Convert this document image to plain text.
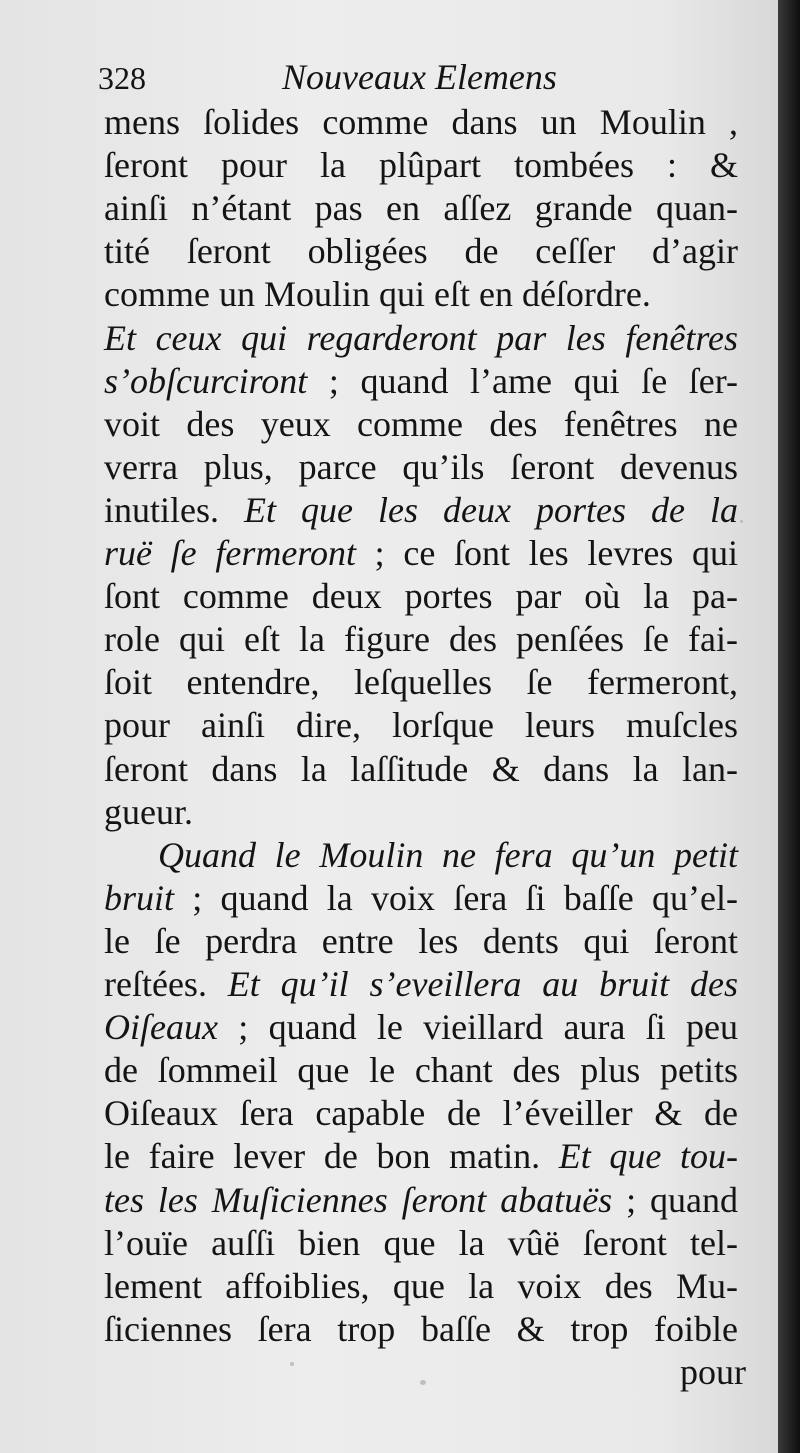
328	Nouveaux Elemens
mens ſolides comme dans un Moulin ,
ſeront pour la plûpart tombées : &
ainſi n’étant pas en aſſez grande quan-
tité ſeront obligées de ceſſer d’agir
comme un Moulin qui eſt en déſordre.
Et ceux qui regarderont par les fenêtres
s’obſcurciront ; quand l’ame qui ſe ſer-
voit des yeux comme des fenêtres ne
verra plus, parce qu’ils ſeront devenus
inutiles. Et que les deux portes de la
ruë ſe fermeront ; ce ſont les levres qui
ſont comme deux portes par où la pa-
role qui eſt la figure des penſées ſe fai-
ſoit entendre, leſquelles ſe fermeront,
pour ainſi dire, lorſque leurs muſcles
ſeront dans la laſſitude & dans la lan-
gueur.
Quand le Moulin ne fera qu’un petit
bruit ; quand la voix ſera ſi baſſe qu’el-
le ſe perdra entre les dents qui ſeront
reſtées. Et qu’il s’eveillera au bruit des
Oiſeaux ; quand le vieillard aura ſi peu
de ſommeil que le chant des plus petits
Oiſeaux ſera capable de l’éveiller & de
le faire lever de bon matin. Et que tou-
tes les Muſiciennes ſeront abatuës ; quand
l’ouïe auſſi bien que la vûë ſeront tel-
lement affoiblies, que la voix des Mu-
ſiciennes ſera trop baſſe & trop foible
pour
